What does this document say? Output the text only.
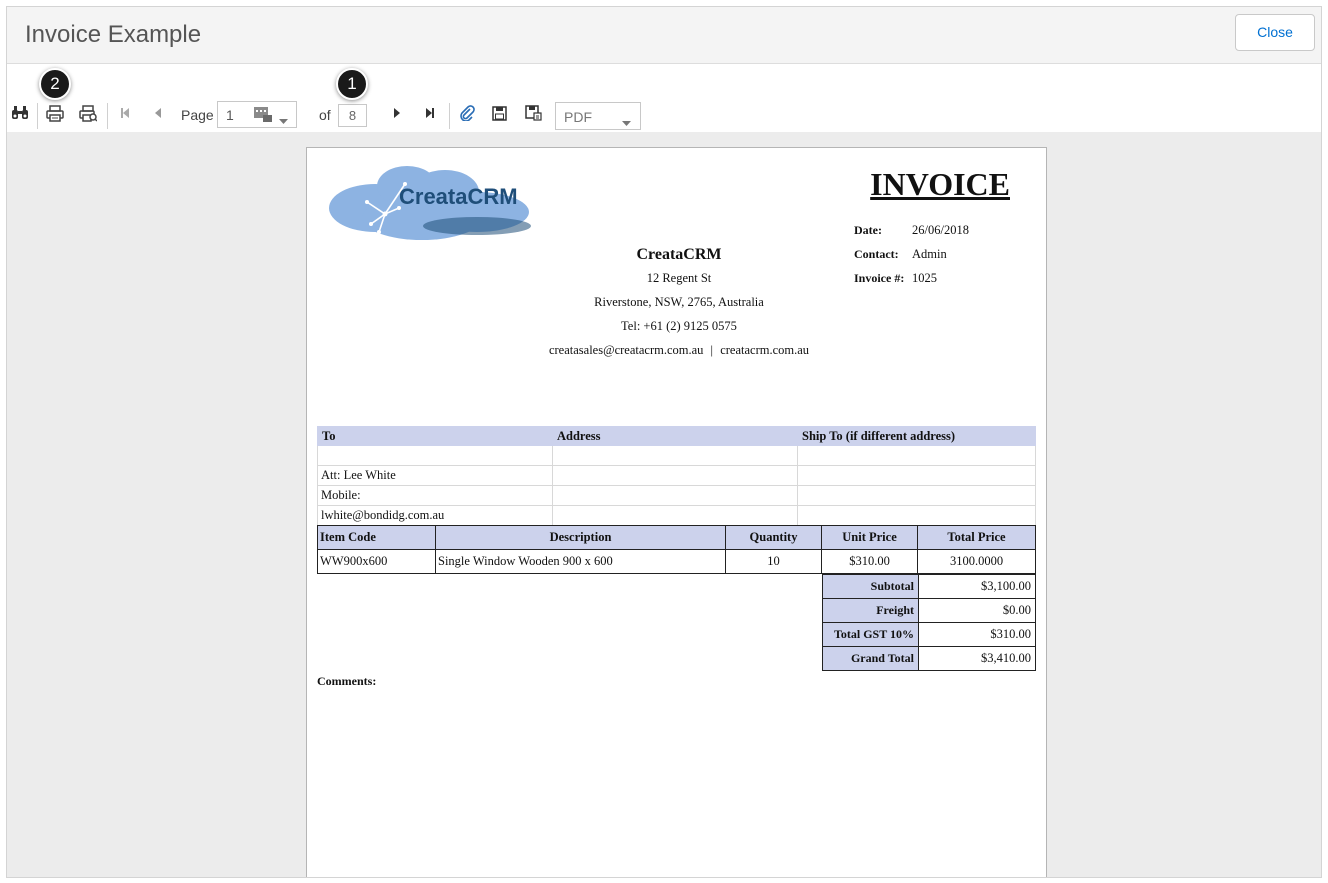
Invoice Example	Close
Page 1	of	8	PDF
2	1
CreataCRM	INVOICE
Date:	26/06/2018
Contact:	Admin
Invoice #: 1025
CreataCRM
12 Regent St
Riverstone, NSW, 2765, Australia
Tel: +61 (2) 9125 0575
creatasales@creatacrm.com.au | creatacrm.com.au
To	Address	Ship To (if different address)

Att: Lee White		
Mobile:		
lwhite@bondidg.com.au		
Item Code	Description	Quantity	Unit Price	Total Price
WW900x600	Single Window Wooden 900 x 600	10	$310.00	3100.0000
Subtotal	$3,100.00
Freight	$0.00
Total GST 10%	$310.00
Grand Total	$3,410.00
Comments:
